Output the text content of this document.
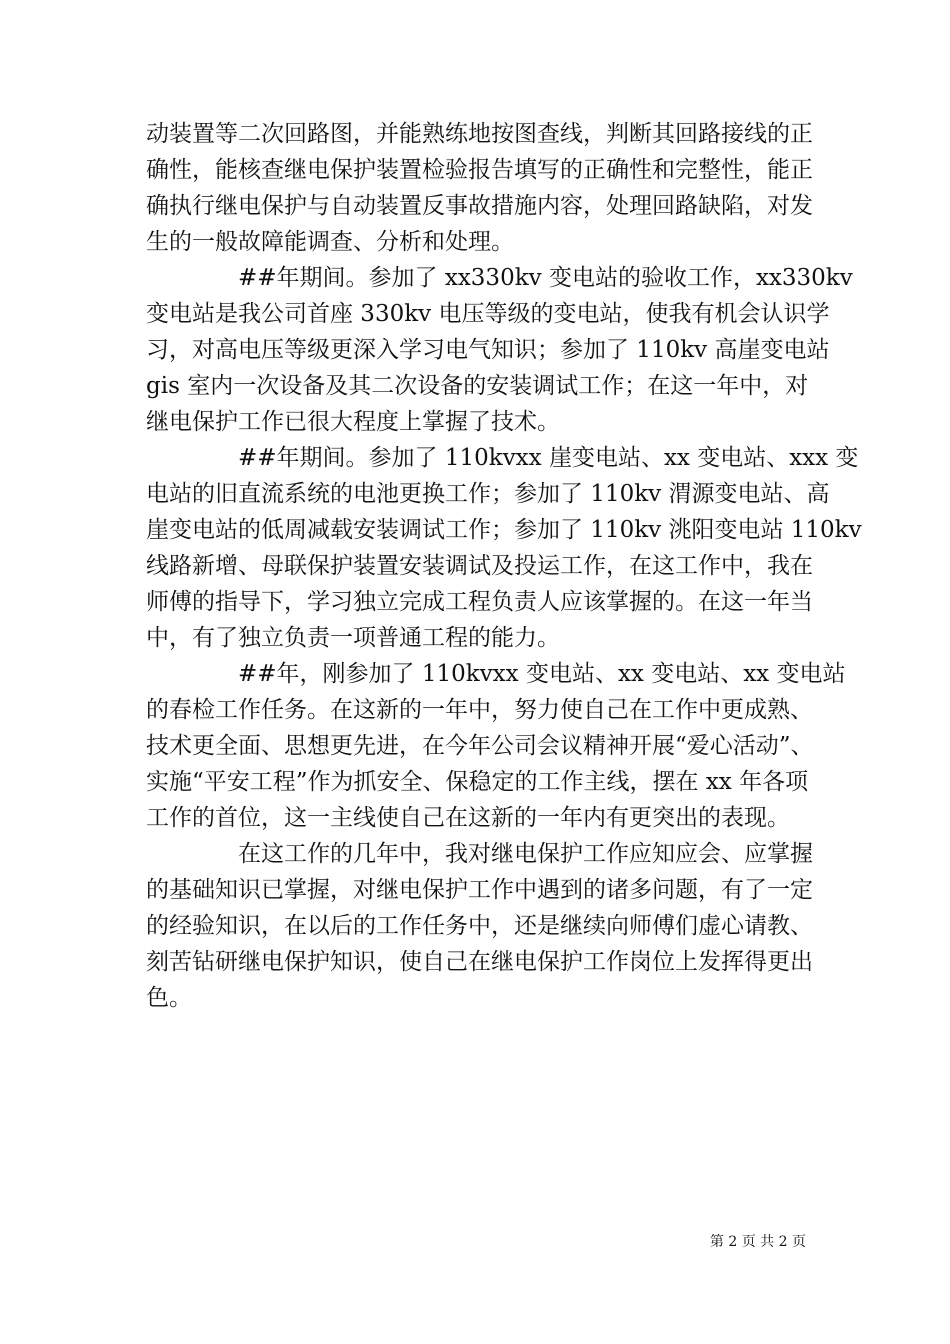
动装置等二次回路图，并能熟练地按图查线，判断其回路接线的正
确性，能核查继电保护装置检验报告填写的正确性和完整性，能正
确执行继电保护与自动装置反事故措施内容，处理回路缺陷，对发
生的一般故障能调查、分析和处理。
##年期间。参加了 xx330kv 变电站的验收工作，xx330kv
变电站是我公司首座 330kv 电压等级的变电站，使我有机会认识学
习，对高电压等级更深入学习电气知识；参加了 110kv 高崖变电站
gis 室内一次设备及其二次设备的安装调试工作；在这一年中，对
继电保护工作已很大程度上掌握了技术。
##年期间。参加了 110kvxx 崖变电站、xx 变电站、xxx 变
电站的旧直流系统的电池更换工作；参加了 110kv 渭源变电站、高
崖变电站的低周减载安装调试工作；参加了 110kv 洮阳变电站 110kv
线路新增、母联保护装置安装调试及投运工作，在这工作中，我在
师傅的指导下，学习独立完成工程负责人应该掌握的。在这一年当
中，有了独立负责一项普通工程的能力。
##年，刚参加了 110kvxx 变电站、xx 变电站、xx 变电站
的春检工作任务。在这新的一年中，努力使自己在工作中更成熟、
技术更全面、思想更先进，在今年公司会议精神开展“爱心活动”、
实施“平安工程”作为抓安全、保稳定的工作主线，摆在 xx 年各项
工作的首位，这一主线使自己在这新的一年内有更突出的表现。
在这工作的几年中，我对继电保护工作应知应会、应掌握
的基础知识已掌握，对继电保护工作中遇到的诸多问题，有了一定
的经验知识，在以后的工作任务中，还是继续向师傅们虚心请教、
刻苦钻研继电保护知识，使自己在继电保护工作岗位上发挥得更出
色。
第 2 页 共 2 页
